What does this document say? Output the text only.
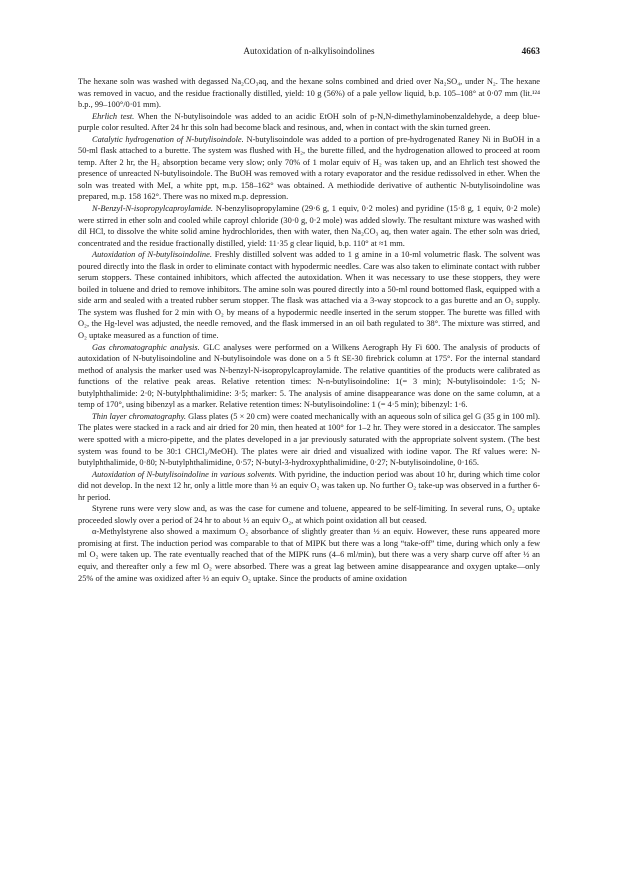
Autoxidation of n-alkylisoindolines	4663

The hexane soln was washed with degassed Na₂CO₃aq, and the hexane solns combined and dried over Na₂SO₄, under N₂. The hexane was removed in vacuo, and the residue fractionally distilled, yield: 10 g (56%) of a pale yellow liquid, b.p. 105–108° at 0·07 mm (lit.¹²⁴ b.p., 99–100°/0·01 mm).

Ehrlich test. When the N-butylisoindole was added to an acidic EtOH soln of p-N,N-dimethylaminobenzaldehyde, a deep blue-purple color resulted. After 24 hr this soln had become black and resinous, and, when in contact with the skin turned green.

Catalytic hydrogenation of N-butylisoindole. N-butylisoindole was added to a portion of pre-hydrogenated Raney Ni in BuOH in a 50-ml flask attached to a burette. The system was flushed with H₂, the burette filled, and the hydrogenation allowed to proceed at room temp. After 2 hr, the H₂ absorption became very slow; only 70% of 1 molar equiv of H₂ was taken up, and an Ehrlich test showed the presence of unreacted N-butylisoindole. The BuOH was removed with a rotary evaporator and the residue redissolved in ether. When the soln was treated with MeI, a white ppt, m.p. 158–162° was obtained. A methiodide derivative of authentic N-butylisoindoline was prepared, m.p. 158 162°. There was no mixed m.p. depression.

N-Benzyl-N-isopropylcaproylamide. N-benzylisopropylamine (29·6 g, 1 equiv, 0·2 moles) and pyridine (15·8 g, 1 equiv, 0·2 mole) were stirred in ether soln and cooled while caproyl chloride (30·0 g, 0·2 mole) was added slowly. The resultant mixture was washed with dil HCl, to dissolve the white solid amine hydrochlorides, then with water, then Na₂CO₃ aq, then water again. The ether soln was dried, concentrated and the residue fractionally distilled, yield: 11·35 g clear liquid, b.p. 110° at ≈1 mm.

Autoxidation of N-butylisoindoline. Freshly distilled solvent was added to 1 g amine in a 10-ml volumetric flask. The solvent was poured directly into the flask in order to eliminate contact with hypodermic needles. Care was also taken to eliminate contact with rubber serum stoppers. These contained inhibitors, which affected the autoxidation. When it was necessary to use these stoppers, they were boiled in toluene and dried to remove inhibitors. The amine soln was poured directly into a 50-ml round bottomed flask, equipped with a side arm and sealed with a treated rubber serum stopper. The flask was attached via a 3-way stopcock to a gas burette and an O₂ supply. The system was flushed for 2 min with O₂ by means of a hypodermic needle inserted in the serum stopper. The burette was filled with O₂, the Hg-level was adjusted, the needle removed, and the flask immersed in an oil bath regulated to 38°. The mixture was stirred, and O₂ uptake measured as a function of time.

Gas chromatographic analysis. GLC analyses were performed on a Wilkens Aerograph Hy Fi 600. The analysis of products of autoxidation of N-butylisoindoline and N-butylisoindole was done on a 5 ft SE-30 firebrick column at 175°. For the internal standard method of analysis the marker used was N-benzyl-N-isopropylcaproylamide. The relative quantities of the products were calibrated as functions of the relative peak areas. Relative retention times: N-n-butylisoindoline: 1(= 3 min); N-butylisoindole: 1·5; N-butylphthalimide: 2·0; N-butylphthalimidine: 3·5; marker: 5. The analysis of amine disappearance was done on the same column, at a temp of 170°, using bibenzyl as a marker. Relative retention times: N-butylisoindoline: 1 (= 4·5 min); bibenzyl: 1·6.

Thin layer chromatography. Glass plates (5 × 20 cm) were coated mechanically with an aqueous soln of silica gel G (35 g in 100 ml). The plates were stacked in a rack and air dried for 20 min, then heated at 100° for 1–2 hr. They were stored in a desiccator. The samples were spotted with a micro-pipette, and the plates developed in a jar previously saturated with the appropriate solvent system. (The best system was found to be 30:1 CHCl₃/MeOH). The plates were air dried and visualized with iodine vapor. The Rf values were: N-butylphthalimide, 0·80; N-butylphthalimidine, 0·57; N-butyl-3-hydroxyphthalimidine, 0·27; N-butylisoindoline, 0·165.

Autoxidation of N-butylisoindoline in various solvents. With pyridine, the induction period was about 10 hr, during which time color did not develop. In the next 12 hr, only a little more than ½ an equiv O₂ was taken up. No further O₂ take-up was observed in a further 6-hr period.

Styrene runs were very slow and, as was the case for cumene and toluene, appeared to be self-limiting. In several runs, O₂ uptake proceeded slowly over a period of 24 hr to about ½ an equiv O₂, at which point oxidation all but ceased.

α-Methylstyrene also showed a maximum O₂ absorbance of slightly greater than ½ an equiv. However, these runs appeared more promising at first. The induction period was comparable to that of MIPK but there was a long “take-off” time, during which only a few ml O₂ were taken up. The rate eventually reached that of the MIPK runs (4–6 ml/min), but there was a very sharp curve off after ½ an equiv, and thereafter only a few ml O₂ were absorbed. There was a great lag between amine disappearance and oxygen uptake—only 25% of the amine was oxidized after ½ an equiv O₂ uptake. Since the products of amine oxidation
